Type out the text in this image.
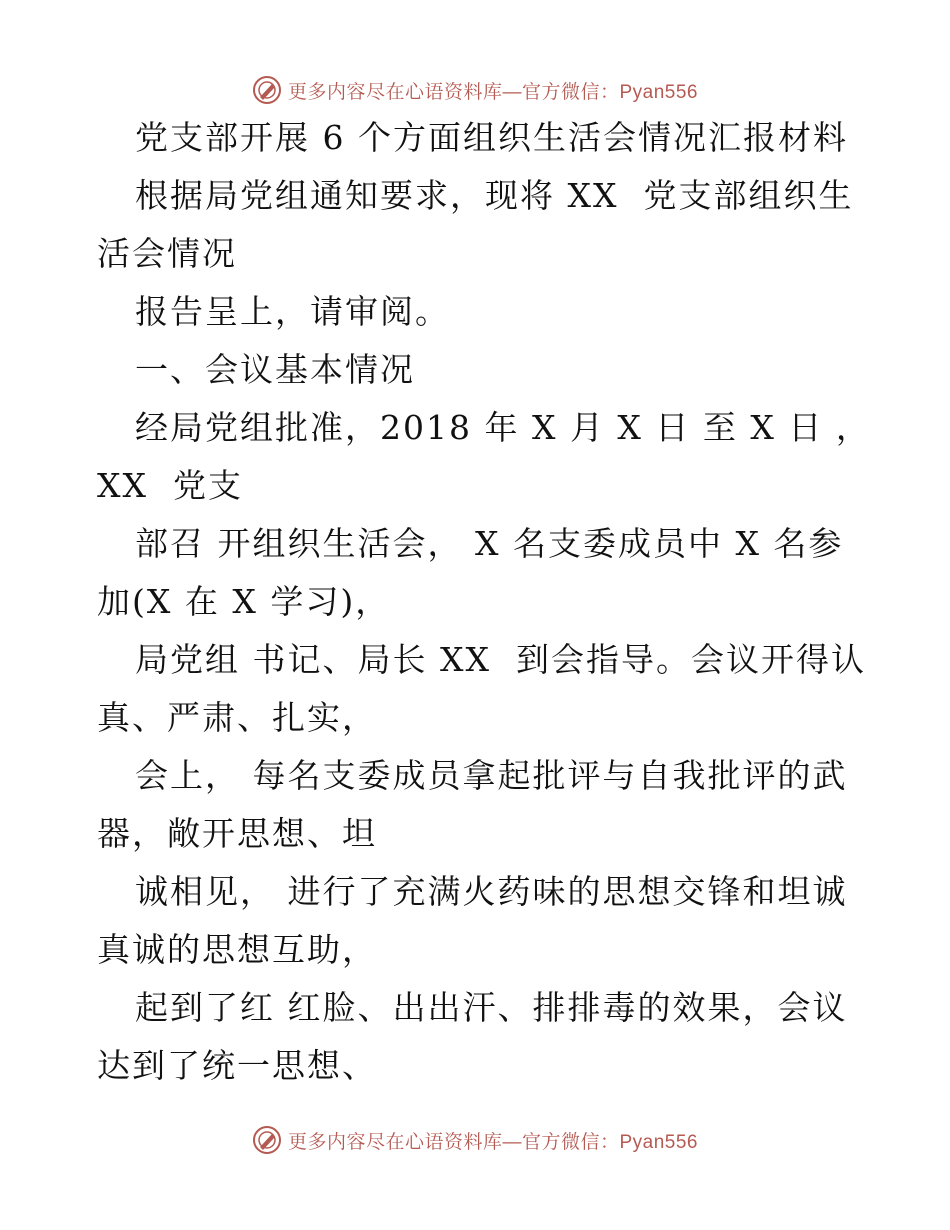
更多内容尽在心语资料库—官方微信：Pyan556
党支部开展 6 个方面组织生活会情况汇报材料
根据局党组通知要求，现将 XX  党支部组织生
活会情况
报告呈上，请审阅。
一、会议基本情况
经局党组批准，2018 年 X 月 X 日 至 X 日 ，
XX  党支
部召 开组织生活会， X 名支委成员中 X 名参
加(X 在 X 学习)，
局党组 书记、局长 XX  到会指导。会议开得认
真、严肃、扎实，
会上， 每名支委成员拿起批评与自我批评的武
器，敞开思想、坦
诚相见， 进行了充满火药味的思想交锋和坦诚
真诚的思想互助，
起到了红 红脸、出出汗、排排毒的效果，会议
达到了统一思想、
更多内容尽在心语资料库—官方微信：Pyan556
